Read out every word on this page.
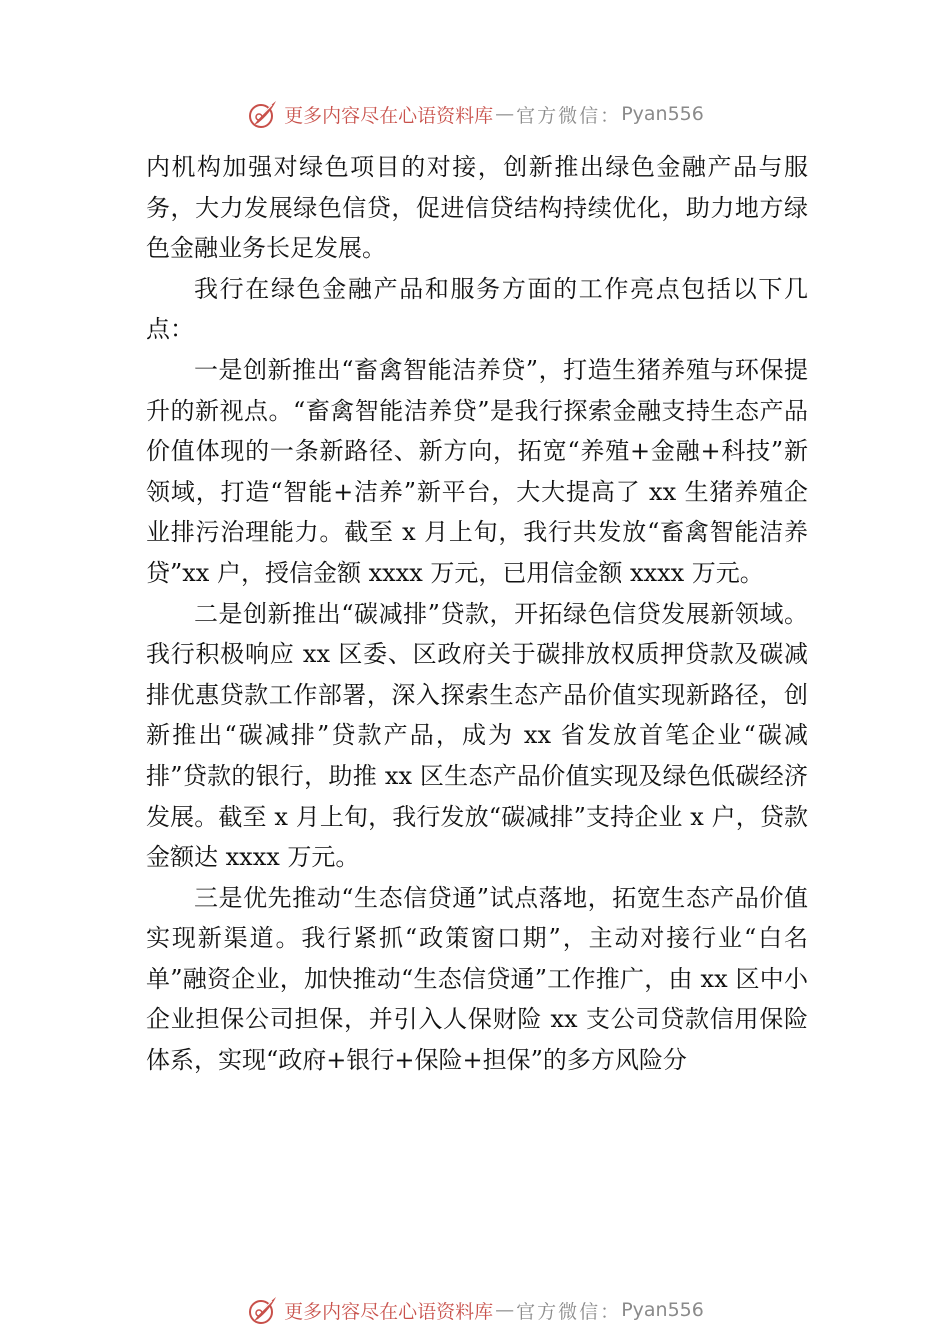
更多内容尽在心语资料库 — 官方微信： Pyan556

内机构加强对绿色项目的对接，创新推出绿色金融产品与服务，大力发展绿色信贷，促进信贷结构持续优化，助力地方绿色金融业务长足发展。

我行在绿色金融产品和服务方面的工作亮点包括以下几点：

一是创新推出“畜禽智能洁养贷”，打造生猪养殖与环保提升的新视点。“畜禽智能洁养贷”是我行探索金融支持生态产品价值体现的一条新路径、新方向，拓宽“养殖+金融+科技”新领域，打造“智能+洁养”新平台，大大提高了 xx 生猪养殖企业排污治理能力。截至 x 月上旬，我行共发放“畜禽智能洁养贷”xx 户，授信金额 xxxx 万元，已用信金额 xxxx 万元。

二是创新推出“碳减排”贷款，开拓绿色信贷发展新领域。我行积极响应 xx 区委、区政府关于碳排放权质押贷款及碳减排优惠贷款工作部署，深入探索生态产品价值实现新路径，创新推出“碳减排”贷款产品，成为 xx 省发放首笔企业“碳减排”贷款的银行，助推 xx 区生态产品价值实现及绿色低碳经济发展。截至 x 月上旬，我行发放“碳减排”支持企业 x 户，贷款金额达 xxxx 万元。

三是优先推动“生态信贷通”试点落地，拓宽生态产品价值实现新渠道。我行紧抓“政策窗口期”，主动对接行业“白名单”融资企业，加快推动“生态信贷通”工作推广，由 xx 区中小企业担保公司担保，并引入人保财险 xx 支公司贷款信用保险体系，实现“政府+银行+保险+担保”的多方风险分

更多内容尽在心语资料库 — 官方微信： Pyan556
